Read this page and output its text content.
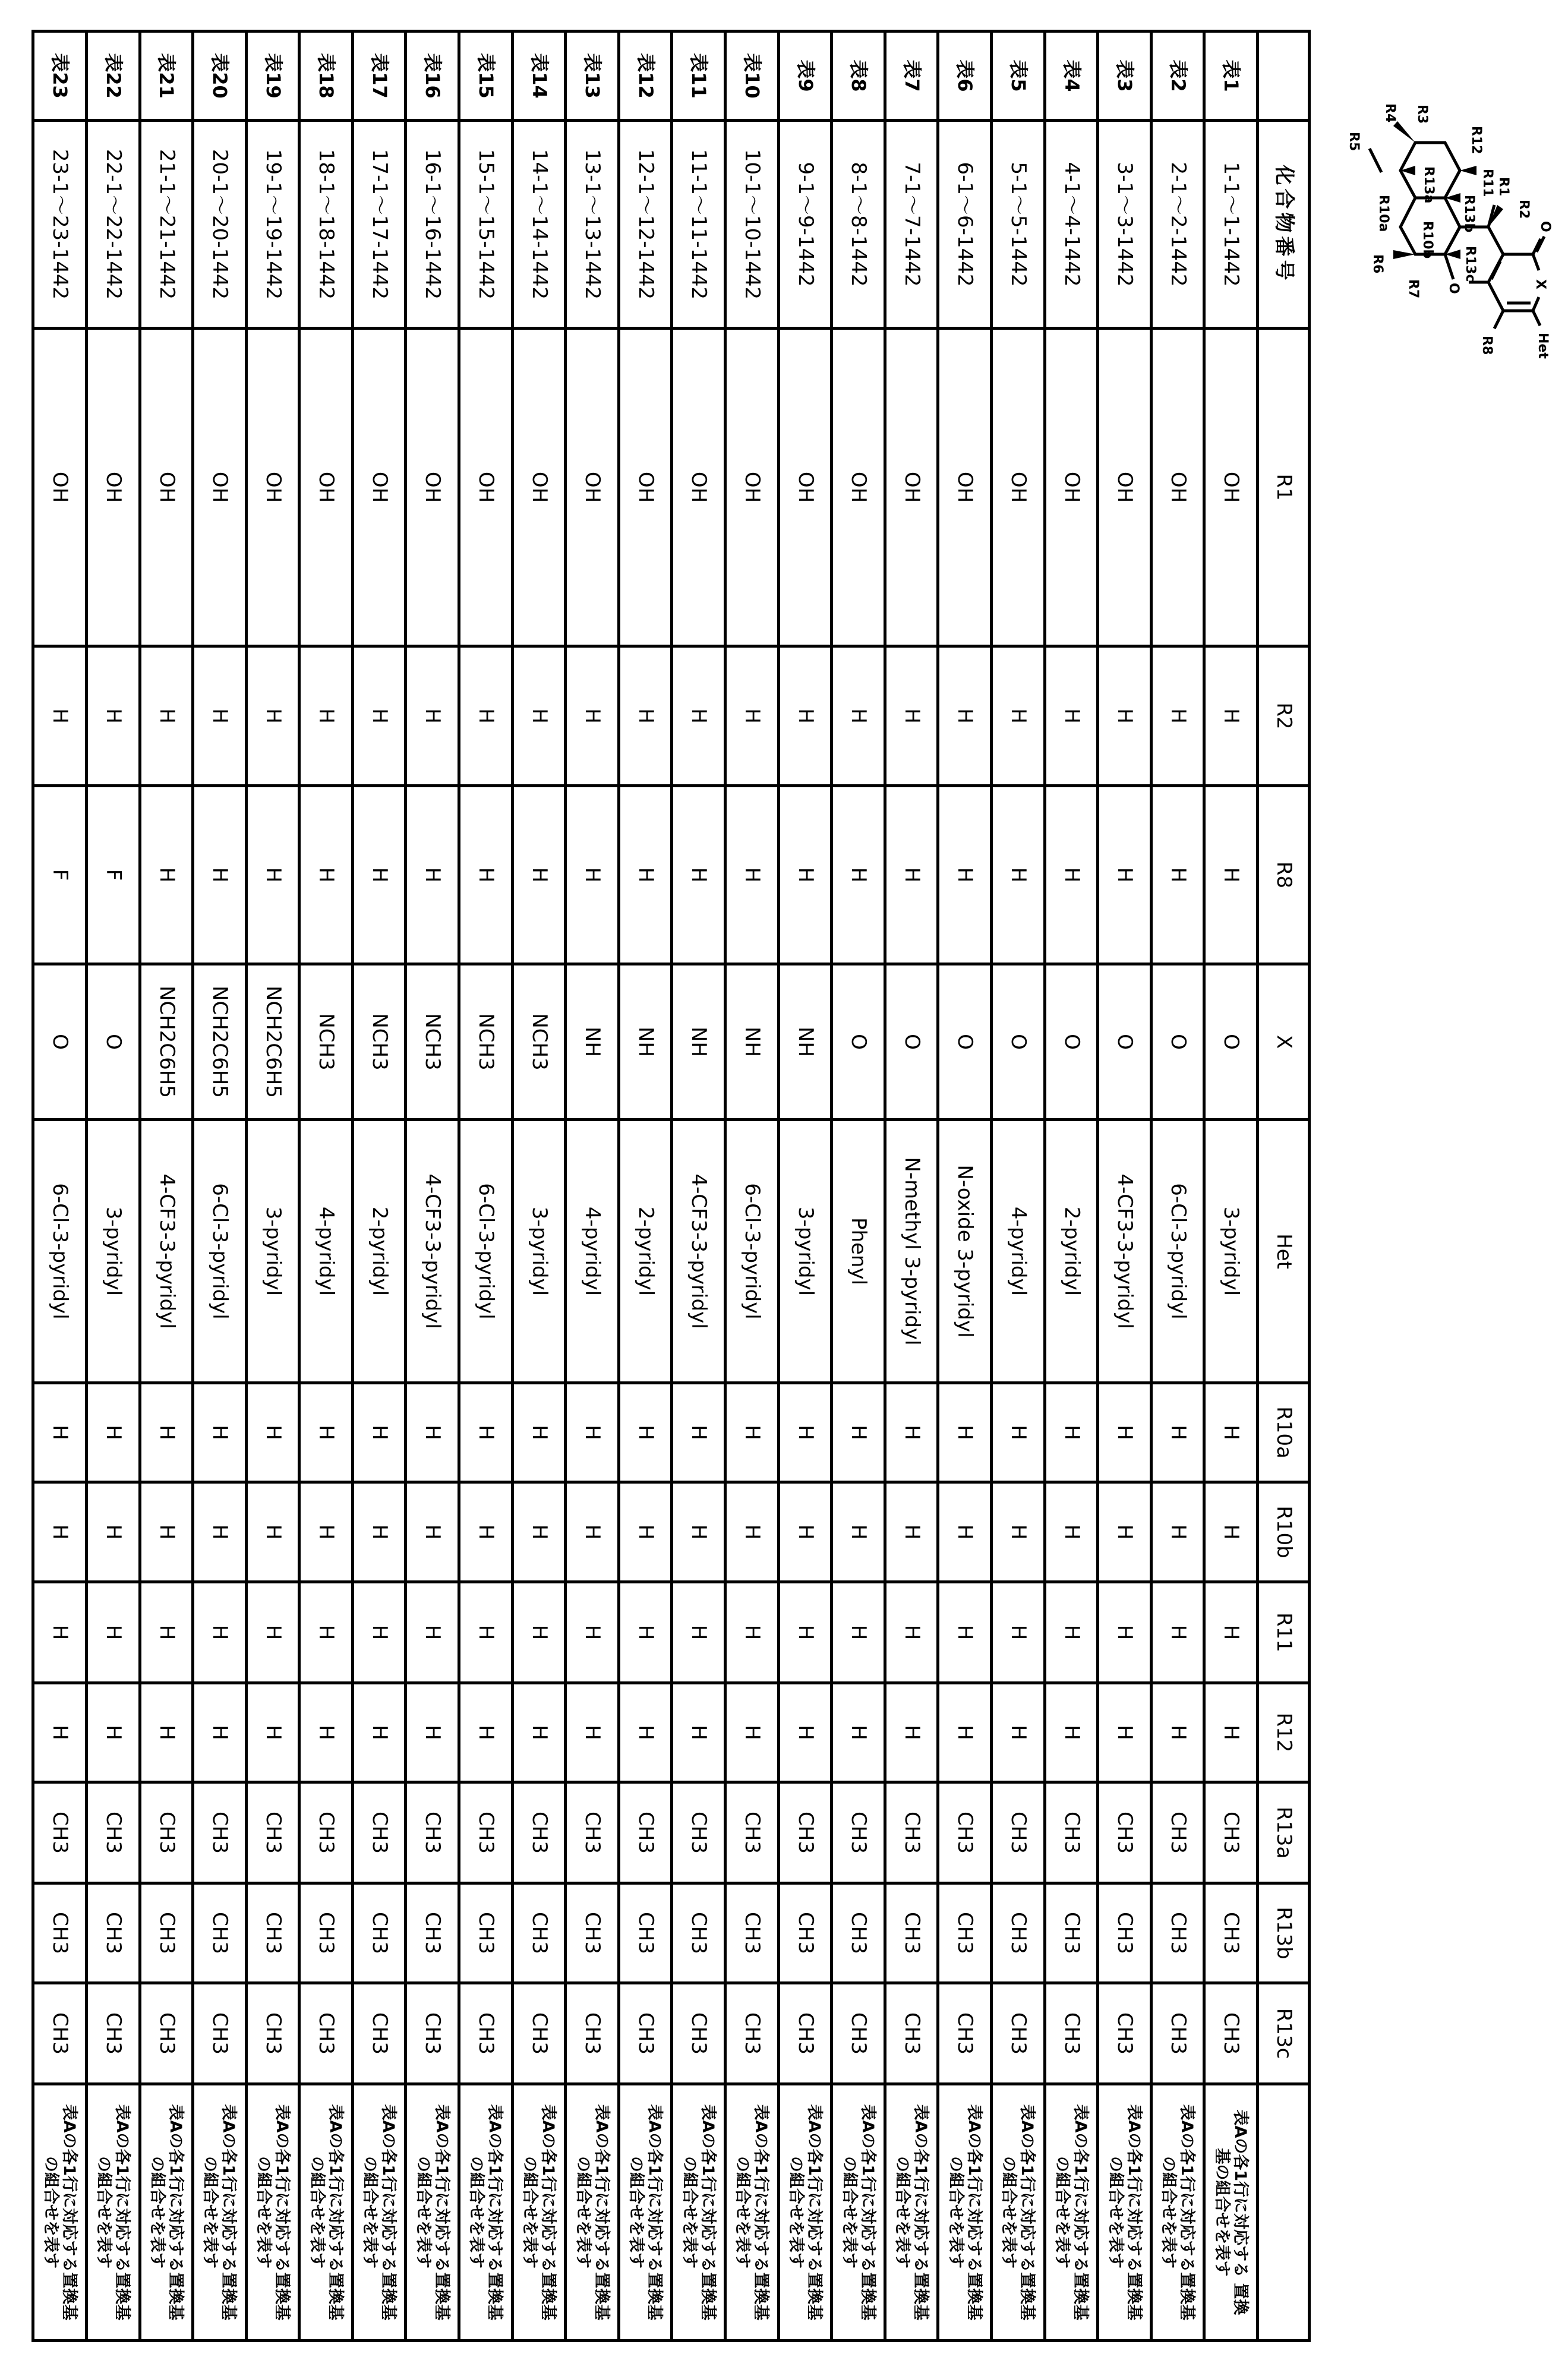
R3
R4
R5	R12
R11
R13a
R10a
R1
R2
R13b
R10b
R13c
R6
R7 O
O
X
R8	Het
	化合物番号	R1	R2	R8	X	Het	R10a	R10b	R11	R12	R13a	R13b	R13c	
表1	1-1～1-1442	OH	H	H	O	3-pyridyl	H	H	H	H	CH3	CH3	CH3	
表Aの各1行に対応する 置換
基の組合せを表す

表2	2-1～2-1442	OH	H	H	O	6-Cl-3-pyridyl	H	H	H	H	CH3	CH3	CH3	
表Aの各1行に対応する置換基
の組合せを表す

表3	3-1～3-1442	OH	H	H	O	4-CF3-3-pyridyl	H	H	H	H	CH3	CH3	CH3	
表Aの各1行に対応する置換基
の組合せを表す

表4	4-1～4-1442	OH	H	H	O	2-pyridyl	H	H	H	H	CH3	CH3	CH3	
表Aの各1行に対応する置換基
の組合せを表す

表5	5-1～5-1442	OH	H	H	O	4-pyridyl	H	H	H	H	CH3	CH3	CH3	
表Aの各1行に対応する置換基
の組合せを表す

表6	6-1～6-1442	OH	H	H	O	N-oxide 3-pyridyl	H	H	H	H	CH3	CH3	CH3	
表Aの各1行に対応する置換基
の組合せを表す

表7	7-1～7-1442	OH	H	H	O	N-methyl 3-pyridyl	H	H	H	H	CH3	CH3	CH3	
表Aの各1行に対応する置換基
の組合せを表す

表8	8-1～8-1442	OH	H	H	O	Phenyl	H	H	H	H	CH3	CH3	CH3	
表Aの各1行に対応する置換基
の組合せを表す

表9	9-1～9-1442	OH	H	H	NH	3-pyridyl	H	H	H	H	CH3	CH3	CH3	
表Aの各1行に対応する置換基
の組合せを表す

表10	10-1～10-1442	OH	H	H	NH	6-Cl-3-pyridyl	H	H	H	H	CH3	CH3	CH3	
表Aの各1行に対応する置換基
の組合せを表す

表11	11-1～11-1442	OH	H	H	NH	4-CF3-3-pyridyl	H	H	H	H	CH3	CH3	CH3	
表Aの各1行に対応する置換基
の組合せを表す

表12	12-1～12-1442	OH	H	H	NH	2-pyridyl	H	H	H	H	CH3	CH3	CH3	
表Aの各1行に対応する置換基
の組合せを表す

表13	13-1～13-1442	OH	H	H	NH	4-pyridyl	H	H	H	H	CH3	CH3	CH3	
表Aの各1行に対応する置換基
の組合せを表す

表14	14-1～14-1442	OH	H	H	NCH3	3-pyridyl	H	H	H	H	CH3	CH3	CH3	
表Aの各1行に対応する置換基
の組合せを表す

表15	15-1～15-1442	OH	H	H	NCH3	6-Cl-3-pyridyl	H	H	H	H	CH3	CH3	CH3	
表Aの各1行に対応する置換基
の組合せを表す

表16	16-1～16-1442	OH	H	H	NCH3	4-CF3-3-pyridyl	H	H	H	H	CH3	CH3	CH3	
表Aの各1行に対応する置換基
の組合せを表す

表17	17-1～17-1442	OH	H	H	NCH3	2-pyridyl	H	H	H	H	CH3	CH3	CH3	
表Aの各1行に対応する置換基
の組合せを表す

表18	18-1～18-1442	OH	H	H	NCH3	4-pyridyl	H	H	H	H	CH3	CH3	CH3	
表Aの各1行に対応する置換基
の組合せを表す

表19	19-1～19-1442	OH	H	H	NCH2C6H5	3-pyridyl	H	H	H	H	CH3	CH3	CH3	
表Aの各1行に対応する置換基
の組合せを表す

表20	20-1～20-1442	OH	H	H	NCH2C6H5	6-Cl-3-pyridyl	H	H	H	H	CH3	CH3	CH3	
表Aの各1行に対応する置換基
の組合せを表す

表21	21-1～21-1442	OH	H	H	NCH2C6H5	4-CF3-3-pyridyl	H	H	H	H	CH3	CH3	CH3	
表Aの各1行に対応する置換基
の組合せを表す

表22	22-1～22-1442	OH	H	F	O	3-pyridyl	H	H	H	H	CH3	CH3	CH3	
表Aの各1行に対応する置換基
の組合せを表す

表23	23-1～23-1442	OH	H	F	O	6-Cl-3-pyridyl	H	H	H	H	CH3	CH3	CH3	
表Aの各1行に対応する置換基
の組合せを表す
